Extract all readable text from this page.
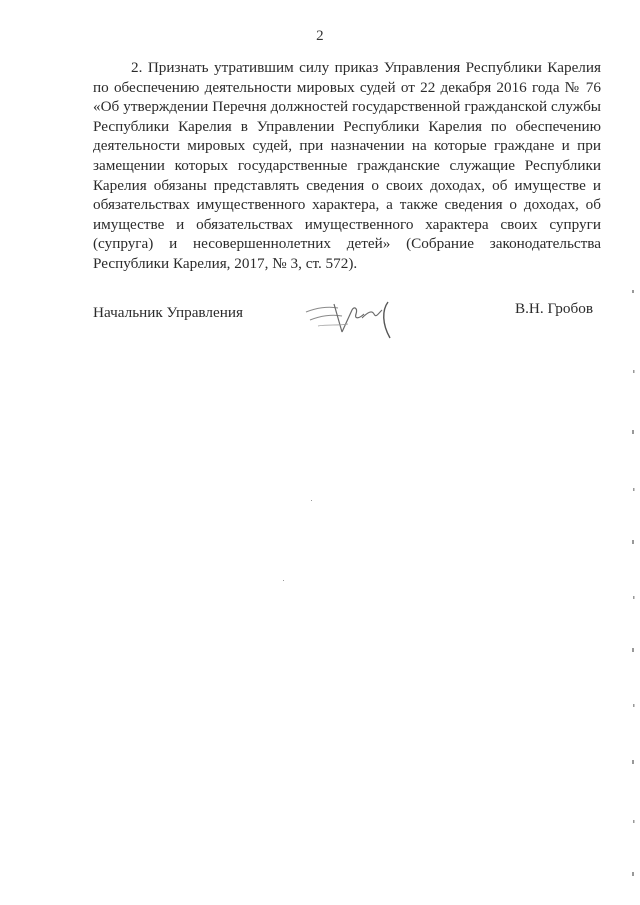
2
2. Признать утратившим силу приказ Управления Республики Карелия по обеспечению деятельности мировых судей от 22 декабря 2016 года № 76 «Об утверждении Перечня должностей государственной гражданской службы Республики Карелия в Управлении Республики Карелия по обеспечению деятельности мировых судей, при назначении на которые граждане и при замещении которых государственные гражданские служащие Республики Карелия обязаны представлять сведения о своих доходах, об имуществе и обязательствах имущественного характера, а также сведения о доходах, об имуществе и обязательствах имущественного характера своих супруги (супруга) и несовершеннолетних детей» (Собрание законодательства Республики Карелия, 2017, № 3, ст. 572).
Начальник Управления	В.Н. Гробов
